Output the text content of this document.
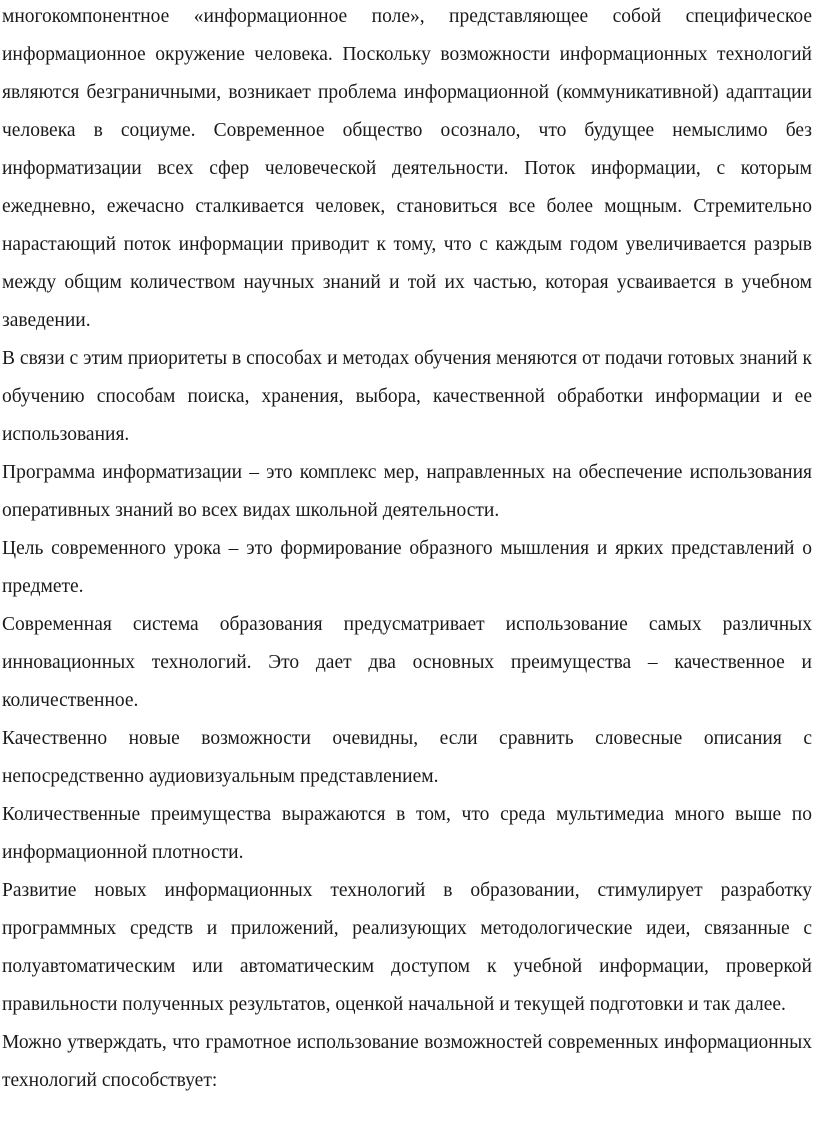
многокомпонентное «информационное поле», представляющее собой специфическое информационное окружение человека. Поскольку возможности информационных технологий являются безграничными, возникает проблема информационной (коммуникативной) адаптации человека в социуме. Современное общество осознало, что будущее немыслимо без информатизации всех сфер человеческой деятельности. Поток информации, с которым ежедневно, ежечасно сталкивается человек, становиться все более мощным. Стремительно нарастающий поток информации приводит к тому, что с каждым годом увеличивается разрыв между общим количеством научных знаний и той их частью, которая усваивается в учебном заведении.

В связи с этим приоритеты в способах и методах обучения меняются от подачи готовых знаний к обучению способам поиска, хранения, выбора, качественной обработки информации и ее использования.

Программа информатизации – это комплекс мер, направленных на обеспечение использования оперативных знаний во всех видах школьной деятельности.

Цель современного урока – это формирование образного мышления и ярких представлений о предмете.

Современная система образования предусматривает использование самых различных инновационных технологий. Это дает два основных преимущества – качественное и количественное.

Качественно новые возможности очевидны, если сравнить словесные описания с непосредственно аудиовизуальным представлением.

Количественные преимущества выражаются в том, что среда мультимедиа много выше по информационной плотности.

Развитие новых информационных технологий в образовании, стимулирует разработку программных средств и приложений, реализующих методологические идеи, связанные с полуавтоматическим или автоматическим доступом к учебной информации, проверкой правильности полученных результатов, оценкой начальной и текущей подготовки и так далее.

Можно утверждать, что грамотное использование возможностей современных информационных технологий способствует:
